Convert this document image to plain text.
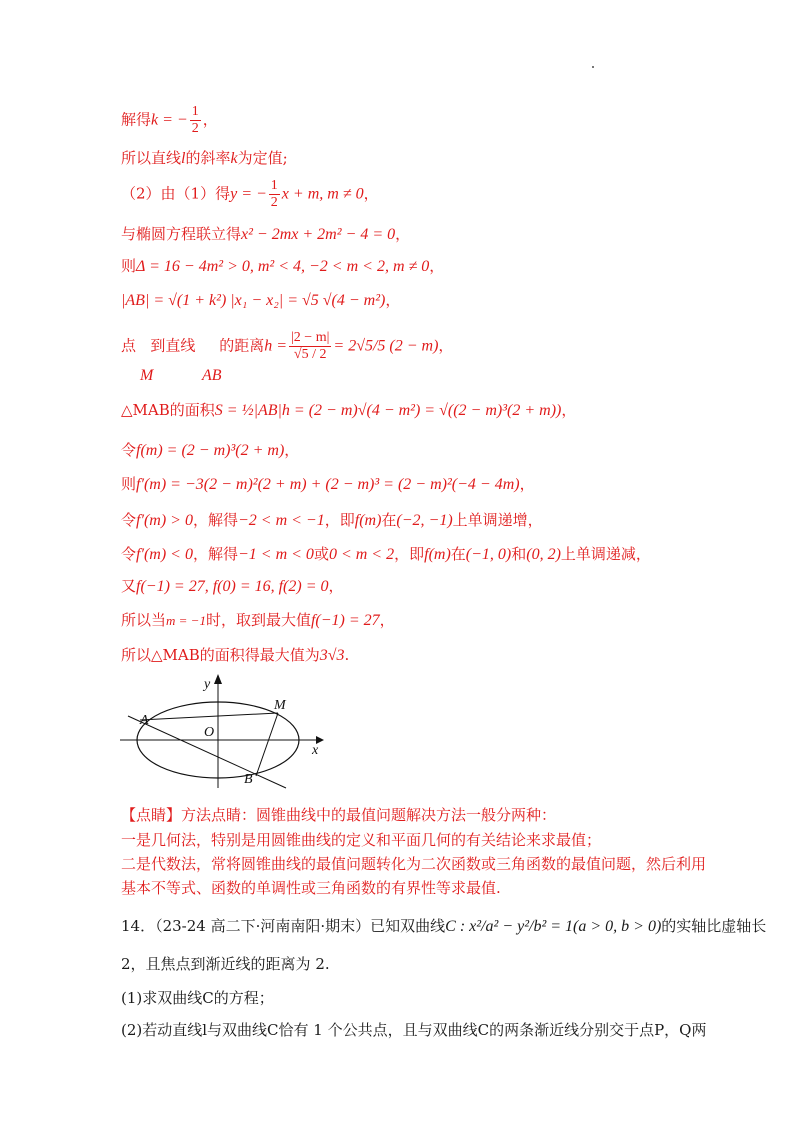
解得k = − $\frac{1}{2}$ ，
所以直线l的斜率k为定值;
（2）由（1）得y = − $\frac{1}{2}$ x + m, m ≠ 0，
与椭圆方程联立得x² − 2mx + 2m² − 4 = 0，
则Δ = 16 − 4m² > 0, m² < 4, −2 < m < 2, m ≠ 0，
|AB| = √(1 + k²) |x₁ − x₂| = √5 √(4 − m²)，
点 到直线 的距离$h = \frac{|2 - m|}{√5 / 2} = 2√5/5$ (2 − m)，
M	AB
△MAB的面积S = ½|AB|h = (2 − m)√(4 − m²) = √((2 − m)³(2 + m))，
令f(m) = (2 − m)³(2 + m)，
则f′(m) = −3(2 − m)²(2 + m) + (2 − m)³ = (2 − m)²(−4 − 4m)，
令f′(m) > 0，解得−2 < m < −1，即f(m)在(−2, −1)上单调递增，
令f′(m) < 0，解得−1 < m < 0或0 < m < 2，即f(m)在(−1, 0)和(0, 2)上单调递减，
又f(−1) = 27, f(0) = 16, f(2) = 0，
所以当m = −1时，取到最大值f(−1) = 27，
所以△MAB的面积得最大值为3√3.
A
M
O
B
y
x
【点睛】方法点睛：圆锥曲线中的最值问题解决方法一般分两种：
一是几何法，特别是用圆锥曲线的定义和平面几何的有关结论来求最值；
二是代数法，常将圆锥曲线的最值问题转化为二次函数或三角函数的最值问题，然后利用
基本不等式、函数的单调性或三角函数的有界性等求最值.
14．（23-24 高二下·河南南阳·期末）已知双曲线C : x²/a² − y²/b² = 1(a > 0, b > 0)的实轴比虚轴长
2，且焦点到渐近线的距离为 2.
(1)求双曲线C的方程；
(2)若动直线l与双曲线C恰有 1 个公共点，且与双曲线C的两条渐近线分别交于点P，Q两
